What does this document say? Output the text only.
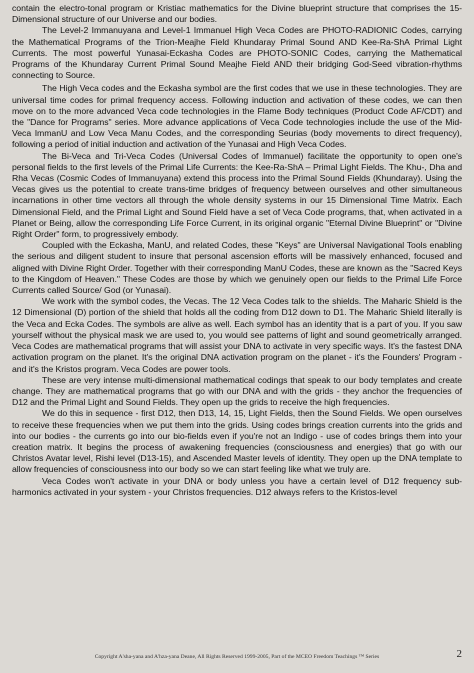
contain the electro-tonal program or Kristiac mathematics for the Divine blueprint structure that comprises the 15-Dimensional structure of our Universe and our bodies.

The Level-2 Immanuyana and Level-1 Immanuel High Veca Codes are PHOTO-RADIONIC Codes, carrying the Mathematical Programs of the Trion-Meajhe Field Khundaray Primal Sound AND Kee-Ra-ShA Primal Light Currents. The most powerful Yunasai-Eckasha Codes are PHOTO-SONIC Codes, carrying the Mathematical Programs of the Khundaray Current Primal Sound Meajhe Field AND their bridging God-Seed vibration-rhythms connecting to Source.

The High Veca codes and the Eckasha symbol are the first codes that we use in these technologies. They are universal time codes for primal frequency access. Following induction and activation of these codes, we can then move on to the more advanced Veca code technologies in the Flame Body techniques (Product Code AF/CDT) and the "Dance for Programs" series. More advance applications of Veca Code technologies include the use of the Mid-Veca ImmanU and Low Veca Manu Codes, and the corresponding Seurias (body movements to direct frequency), following a period of initial induction and activation of the Yunasai and High Veca Codes.

The Bi-Veca and Tri-Veca Codes (Universal Codes of Immanuel) facilitate the opportunity to open one's personal fields to the first levels of the Primal Life Currents: the Kee-Ra-ShA – Primal Light Fields. The Khu-, Dha and Rha Vecas (Cosmic Codes of Immanuyana) extend this process into the Primal Sound Fields (Khundaray). Using the Vecas gives us the potential to create trans-time bridges of frequency between ourselves and other simultaneous incarnations in other time vectors all through the whole density systems in our 15 Dimensional Time Matrix. Each Dimensional Field, and the Primal Light and Sound Field have a set of Veca Code programs, that, when activated in a Planet or Being, allow the corresponding Life Force Current, in its original organic "Eternal Divine Blueprint" or "Divine Right Order" form, to progressively embody.

Coupled with the Eckasha, ManU, and related Codes, these "Keys" are Universal Navigational Tools enabling the serious and diligent student to insure that personal ascension efforts will be massively enhanced, focused and aligned with Divine Right Order. Together with their corresponding ManU Codes, these are known as the "Sacred Keys to the Kingdom of Heaven." These Codes are those by which we genuinely open our fields to the Primal Life Force Currents called Source/ God (or Yunasai).

We work with the symbol codes, the Vecas. The 12 Veca Codes talk to the shields. The Maharic Shield is the 12 Dimensional (D) portion of the shield that holds all the coding from D12 down to D1. The Maharic Shield literally is the Veca and Ecka Codes. The symbols are alive as well. Each symbol has an identity that is a part of you. If you saw yourself without the physical mask we are used to, you would see patterns of light and sound geometrically arranged. Veca Codes are mathematical programs that will assist your DNA to activate in very specific ways. It's the fastest DNA activation program on the planet. It's the original DNA activation program on the planet - it's the Founders' Program - and it's the Kristos program. Veca Codes are power tools.

These are very intense multi-dimensional mathematical codings that speak to our body templates and create change. They are mathematical programs that go with our DNA and with the grids - they anchor the frequencies of D12 and the Primal Light and Sound Fields. They open up the grids to receive the high frequencies.

We do this in sequence - first D12, then D13, 14, 15, Light Fields, then the Sound Fields. We open ourselves to receive these frequencies when we put them into the grids. Using codes brings creation currents into the grids and into our bodies - the currents go into our bio-fields even if you're not an Indigo - use of codes brings them into your creation matrix. It begins the process of awakening frequencies (consciousness and energies) that go with our Christos Avatar level, Rishi level (D13-15), and Ascended Master levels of identity. They open up the DNA template to allow frequencies of consciousness into our body so we can start feeling like what we truly are.

Veca Codes won't activate in your DNA or body unless you have a certain level of D12 frequency sub-harmonics activated in your system - your Christos frequencies. D12 always refers to the Kristos-level

Copyright A'sha-yana and A'hza-yana Deane, All Rights Reserved 1999-2005, Part of the MCEO Freedom Teachings ™ Series	2
